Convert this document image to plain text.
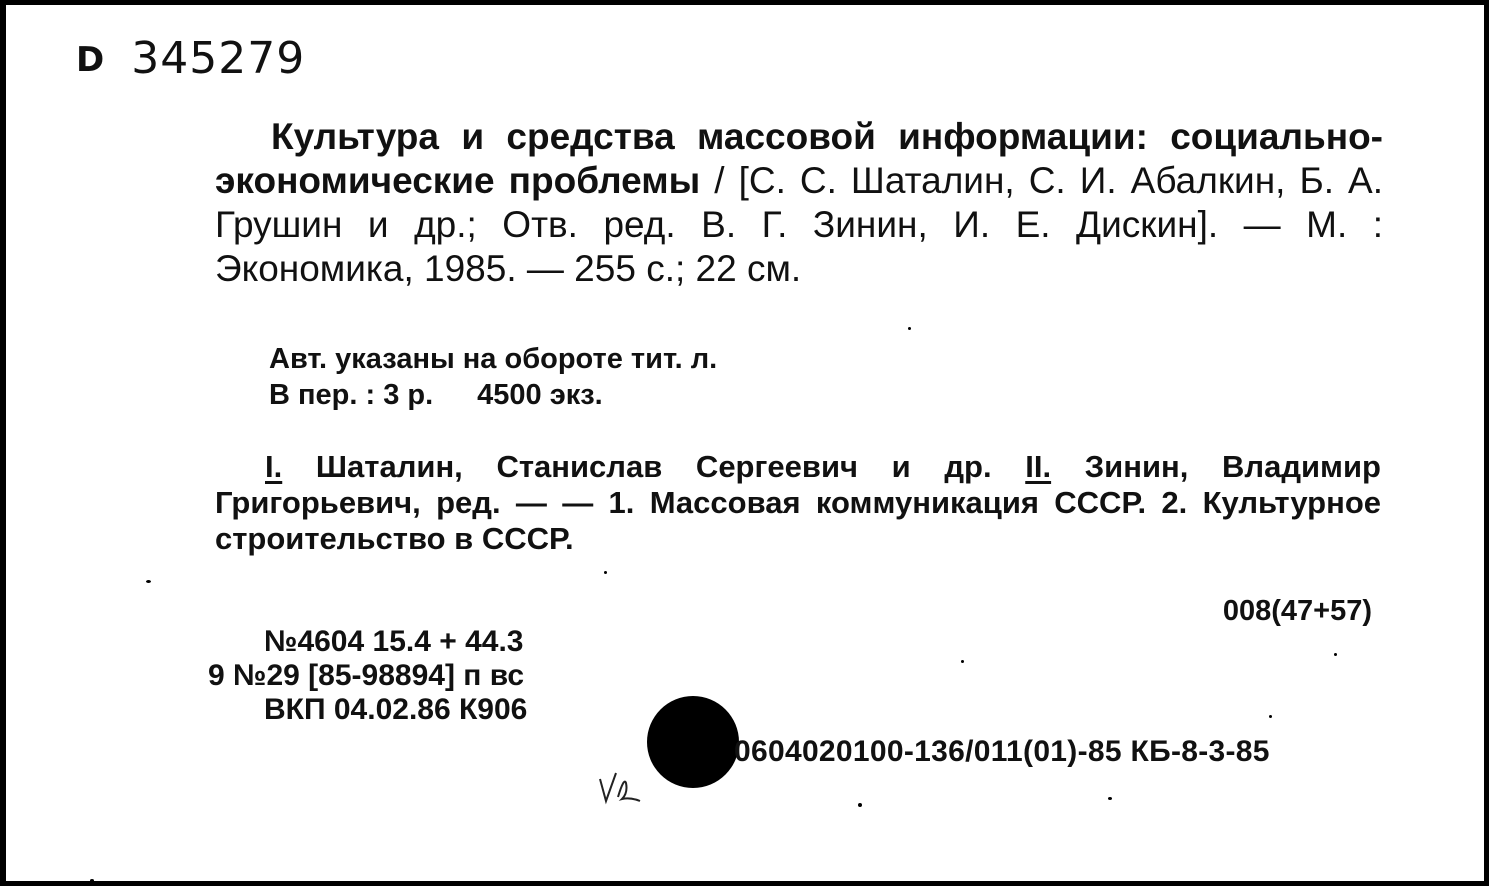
D 345279
Культура и средства массовой информации: социально-экономические проблемы / [С. С. Шаталин, С. И. Абалкин, Б. А. Грушин и др.; Отв. ред. В. Г. Зинин, И. Е. Дискин]. — М. : Экономика, 1985. — 255 с.; 22 см.
Авт. указаны на обороте тит. л.
В пер. : 3 р. 4500 экз.
I. Шаталин, Станислав Сергеевич и др. II. Зинин, Владимир Григорьевич, ред. — — 1. Массовая коммуникация СССР. 2. Культурное строительство в СССР.
008(47+57)
№4604 15.4 + 44.3
9 №29 [85-98894] п вс
ВКП 04.02.86 К906
0604020100-136/011(01)-85 КБ-8-3-85
